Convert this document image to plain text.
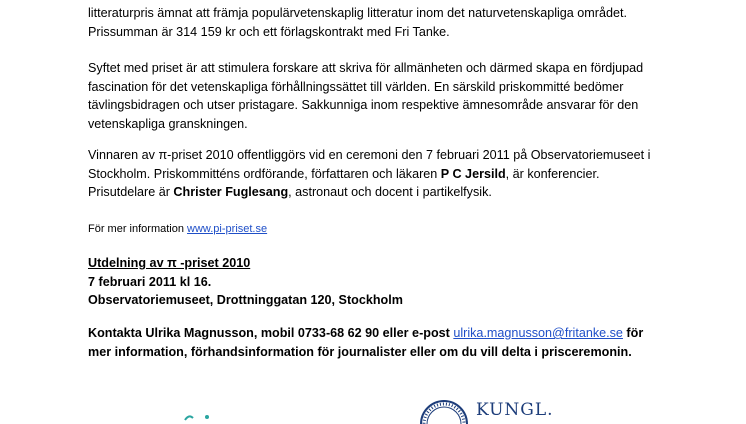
litteraturpris ämnat att främja populärvetenskaplig litteratur inom det naturvetenskapliga området.
Prissumman är 314 159 kr och ett förlagskontrakt med Fri Tanke.
Syftet med priset är att stimulera forskare att skriva för allmänheten och därmed skapa en fördjupad
fascination för det vetenskapliga förhållningssättet till världen. En särskild priskommitté bedömer
tävlingsbidragen och utser pristagare. Sakkunniga inom respektive ämnesområde ansvarar för den
vetenskapliga granskningen.
Vinnaren av π-priset 2010 offentliggörs vid en ceremoni den 7 februari 2011 på Observatoriemuseet i
Stockholm. Priskommitténs ordförande, författaren och läkaren P C Jersild, är konferencier.
Prisutdelare är Christer Fuglesang, astronaut och docent i partikelfysik.
För mer information www.pi-priset.se
Utdelning av π -priset 2010
7 februari 2011 kl 16.
Observatoriemuseet, Drottninggatan 120, Stockholm
Kontakta Ulrika Magnusson, mobil 0733-68 62 90 eller e-post ulrika.magnusson@fritanke.se för
mer information, förhandsinformation för journalister eller om du vill delta i prisceremonin.
KUNGL.
